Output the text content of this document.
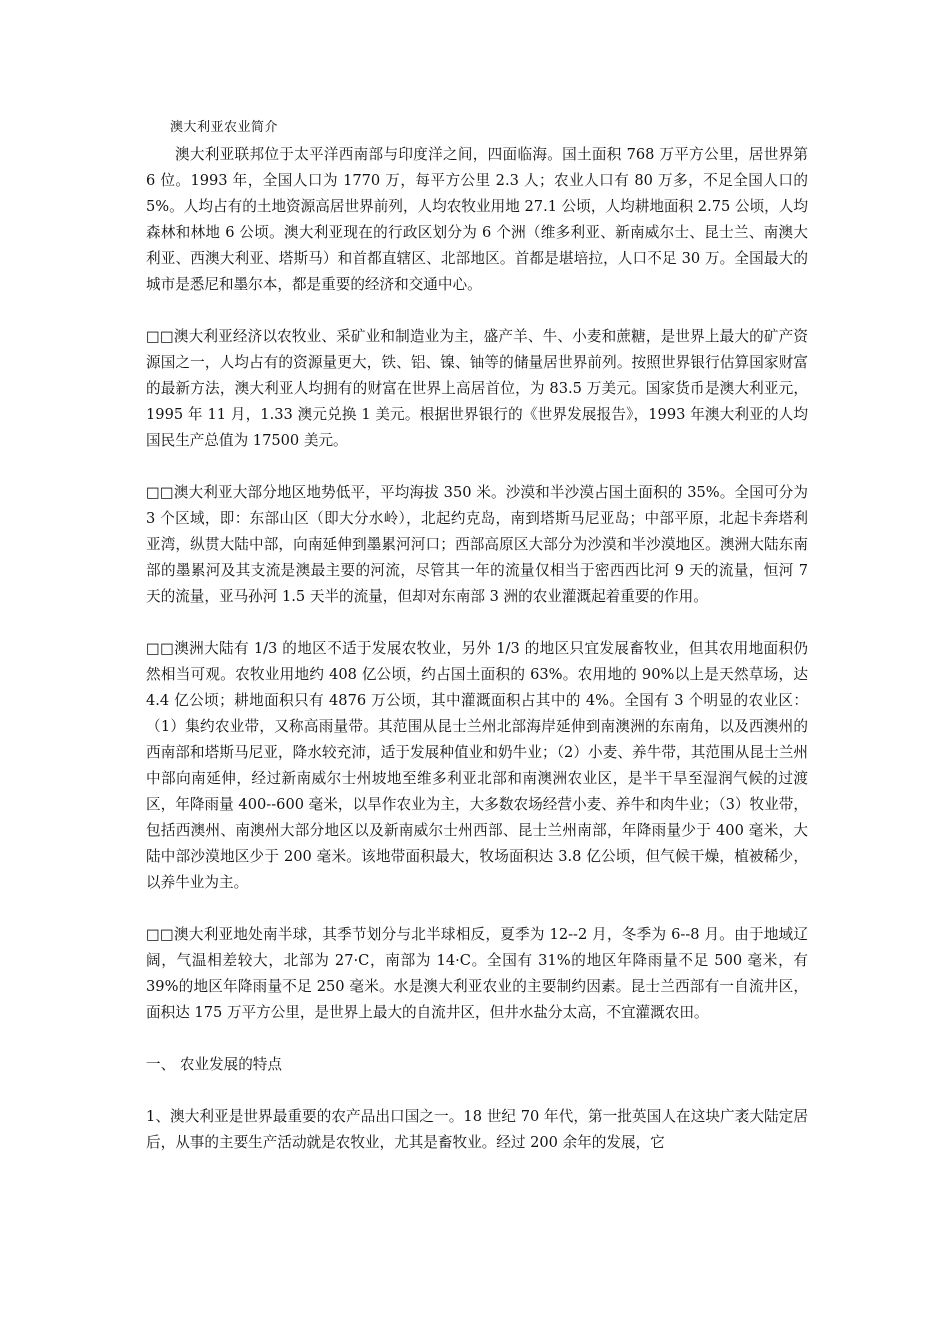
澳大利亚农业简介

澳大利亚联邦位于太平洋西南部与印度洋之间，四面临海。国土面积 768 万平方公里，居世界第 6 位。1993 年，全国人口为 1770 万，每平方公里 2.3 人；农业人口有 80 万多，不足全国人口的 5%。人均占有的土地资源高居世界前列，人均农牧业用地 27.1 公顷，人均耕地面积 2.75 公顷，人均森林和林地 6 公顷。澳大利亚现在的行政区划分为 6 个洲（维多利亚、新南威尔士、昆士兰、南澳大利亚、西澳大利亚、塔斯马）和首都直辖区、北部地区。首都是堪培拉，人口不足 30 万。全国最大的城市是悉尼和墨尔本，都是重要的经济和交通中心。

□□澳大利亚经济以农牧业、采矿业和制造业为主，盛产羊、牛、小麦和蔗糖，是世界上最大的矿产资源国之一，人均占有的资源量更大，铁、铝、镍、铀等的储量居世界前列。按照世界银行估算国家财富的最新方法，澳大利亚人均拥有的财富在世界上高居首位，为 83.5 万美元。国家货币是澳大利亚元，1995 年 11 月，1.33 澳元兑换 1 美元。根据世界银行的《世界发展报告》，1993 年澳大利亚的人均国民生产总值为 17500 美元。

□□澳大利亚大部分地区地势低平，平均海拔 350 米。沙漠和半沙漠占国土面积的 35%。全国可分为 3 个区域，即：东部山区（即大分水岭），北起约克岛，南到塔斯马尼亚岛；中部平原，北起卡奔塔利亚湾，纵贯大陆中部，向南延伸到墨累河河口；西部高原区大部分为沙漠和半沙漠地区。澳洲大陆东南部的墨累河及其支流是澳最主要的河流，尽管其一年的流量仅相当于密西西比河 9 天的流量，恒河 7 天的流量，亚马孙河 1.5 天半的流量，但却对东南部 3 洲的农业灌溉起着重要的作用。

□□澳洲大陆有 1/3 的地区不适于发展农牧业，另外 1/3 的地区只宜发展畜牧业，但其农用地面积仍然相当可观。农牧业用地约 408 亿公顷，约占国土面积的 63%。农用地的 90%以上是天然草场，达 4.4 亿公顷；耕地面积只有 4876 万公顷，其中灌溉面积占其中的 4%。全国有 3 个明显的农业区：（1）集约农业带，又称高雨量带。其范围从昆士兰州北部海岸延伸到南澳洲的东南角，以及西澳州的西南部和塔斯马尼亚，降水较充沛，适于发展种值业和奶牛业；（2）小麦、养牛带，其范围从昆士兰州中部向南延伸，经过新南威尔士州坡地至维多利亚北部和南澳洲农业区，是半干旱至湿润气候的过渡区，年降雨量 400--600 毫米，以旱作农业为主，大多数农场经营小麦、养牛和肉牛业；（3）牧业带，包括西澳州、南澳州大部分地区以及新南威尔士州西部、昆士兰州南部，年降雨量少于 400 毫米，大陆中部沙漠地区少于 200 毫米。该地带面积最大，牧场面积达 3.8 亿公顷，但气候干燥，植被稀少，以养牛业为主。

□□澳大利亚地处南半球，其季节划分与北半球相反，夏季为 12--2 月，冬季为 6--8 月。由于地域辽阔，气温相差较大，北部为 27·C，南部为 14·C。全国有 31%的地区年降雨量不足 500 毫米，有 39%的地区年降雨量不足 250 毫米。水是澳大利亚农业的主要制约因素。昆士兰西部有一自流井区，面积达 175 万平方公里，是世界上最大的自流井区，但井水盐分太高，不宜灌溉农田。

一、 农业发展的特点

1、澳大利亚是世界最重要的农产品出口国之一。18 世纪 70 年代，第一批英国人在这块广袤大陆定居后，从事的主要生产活动就是农牧业，尤其是畜牧业。经过 200 余年的发展，它
